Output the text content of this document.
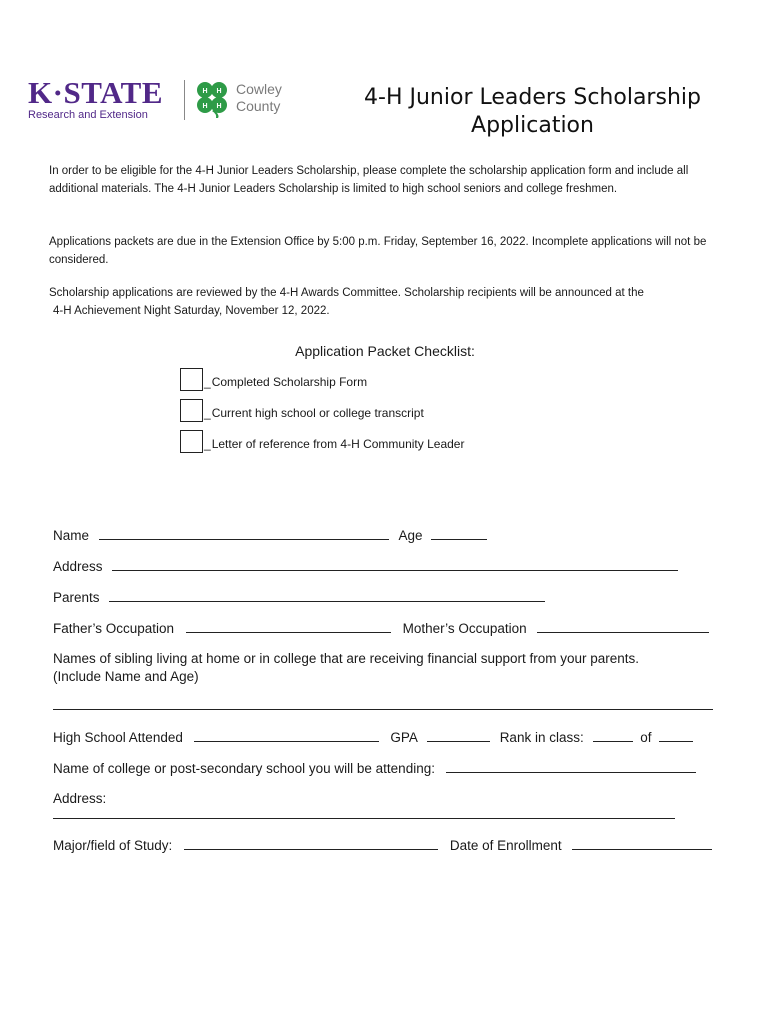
K·STATE
Research and Extension
H H
H H
Cowley
County	4-H Junior Leaders Scholarship
Application

In order to be eligible for the 4-H Junior Leaders Scholarship, please complete the scholarship application form and include all additional materials. The 4-H Junior Leaders Scholarship is limited to high school seniors and college freshmen.

Applications packets are due in the Extension Office by 5:00 p.m. Friday, September 16, 2022. Incomplete applications will not be considered.

Scholarship applications are reviewed by the 4-H Awards Committee. Scholarship recipients will be announced at the
4-H Achievement Night Saturday, November 12, 2022.
Application Packet Checklist:
_ Completed Scholarship Form
_ Current high school or college transcript
_ Letter of reference from 4-H Community Leader
Name	Age
Address
Parents
Father’s Occupation	Mother’s Occupation
Names of sibling living at home or in college that are receiving financial support from your parents.
(Include Name and Age)
High School Attended	GPA	Rank in class:	of
Name of college or post-secondary school you will be attending:
Address:
Major/field of Study:	Date of Enrollment
